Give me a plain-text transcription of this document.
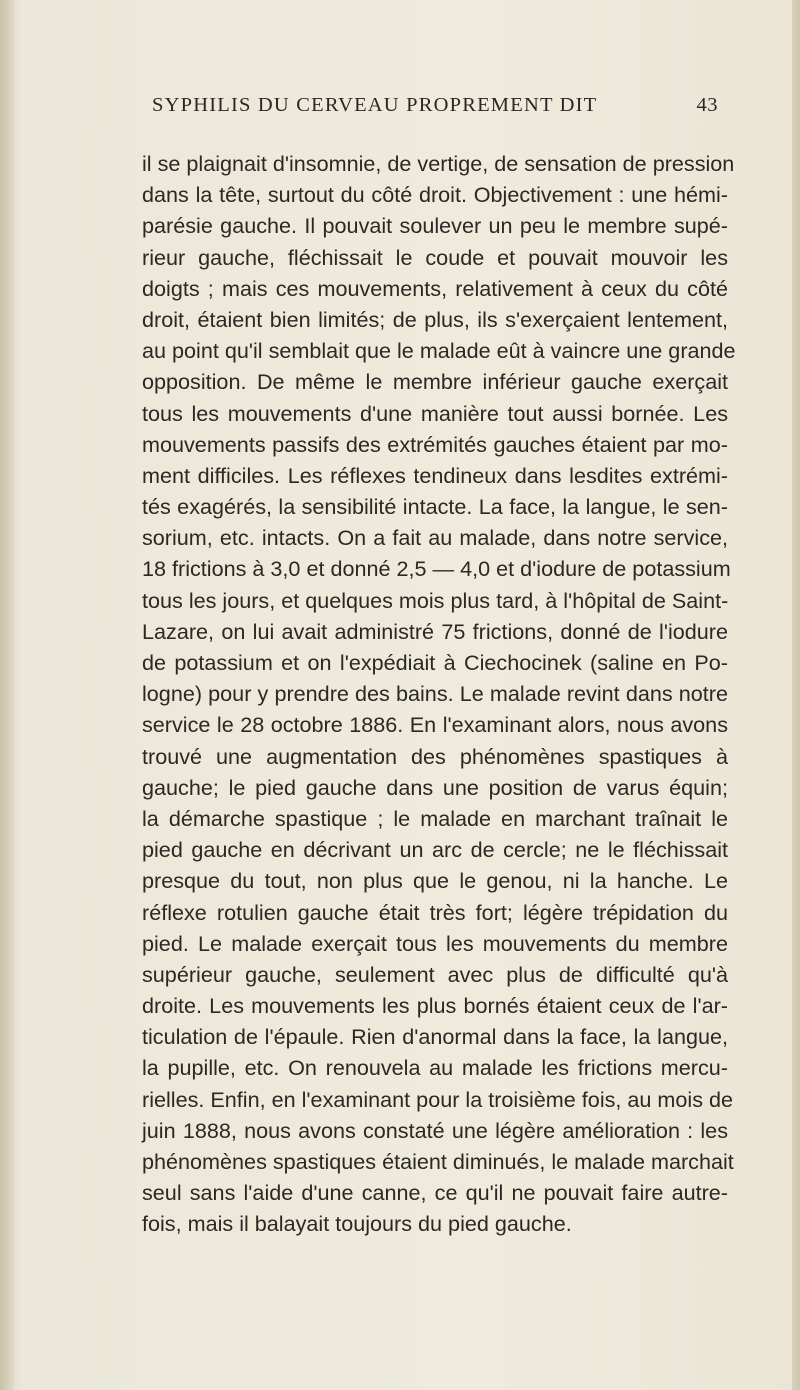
SYPHILIS DU CERVEAU PROPREMENT DIT	43
il se plaignait d'insomnie, de vertige, de sensation de pression
dans la tête, surtout du côté droit. Objectivement : une hémi-
parésie gauche. Il pouvait soulever un peu le membre supé-
rieur gauche, fléchissait le coude et pouvait mouvoir les
doigts ; mais ces mouvements, relativement à ceux du côté
droit, étaient bien limités; de plus, ils s'exerçaient lentement,
au point qu'il semblait que le malade eût à vaincre une grande
opposition. De même le membre inférieur gauche exerçait
tous les mouvements d'une manière tout aussi bornée. Les
mouvements passifs des extrémités gauches étaient par mo-
ment difficiles. Les réflexes tendineux dans lesdites extrémi-
tés exagérés, la sensibilité intacte. La face, la langue, le sen-
sorium, etc. intacts. On a fait au malade, dans notre service,
18 frictions à 3,0 et donné 2,5 — 4,0 et d'iodure de potassium
tous les jours, et quelques mois plus tard, à l'hôpital de Saint-
Lazare, on lui avait administré 75 frictions, donné de l'iodure
de potassium et on l'expédiait à Ciechocinek (saline en Po-
logne) pour y prendre des bains. Le malade revint dans notre
service le 28 octobre 1886. En l'examinant alors, nous avons
trouvé une augmentation des phénomènes spastiques à
gauche; le pied gauche dans une position de varus équin;
la démarche spastique ; le malade en marchant traînait le
pied gauche en décrivant un arc de cercle; ne le fléchissait
presque du tout, non plus que le genou, ni la hanche. Le
réflexe rotulien gauche était très fort; légère trépidation du
pied. Le malade exerçait tous les mouvements du membre
supérieur gauche, seulement avec plus de difficulté qu'à
droite. Les mouvements les plus bornés étaient ceux de l'ar-
ticulation de l'épaule. Rien d'anormal dans la face, la langue,
la pupille, etc. On renouvela au malade les frictions mercu-
rielles. Enfin, en l'examinant pour la troisième fois, au mois de
juin 1888, nous avons constaté une légère amélioration : les
phénomènes spastiques étaient diminués, le malade marchait
seul sans l'aide d'une canne, ce qu'il ne pouvait faire autre-
fois, mais il balayait toujours du pied gauche.
